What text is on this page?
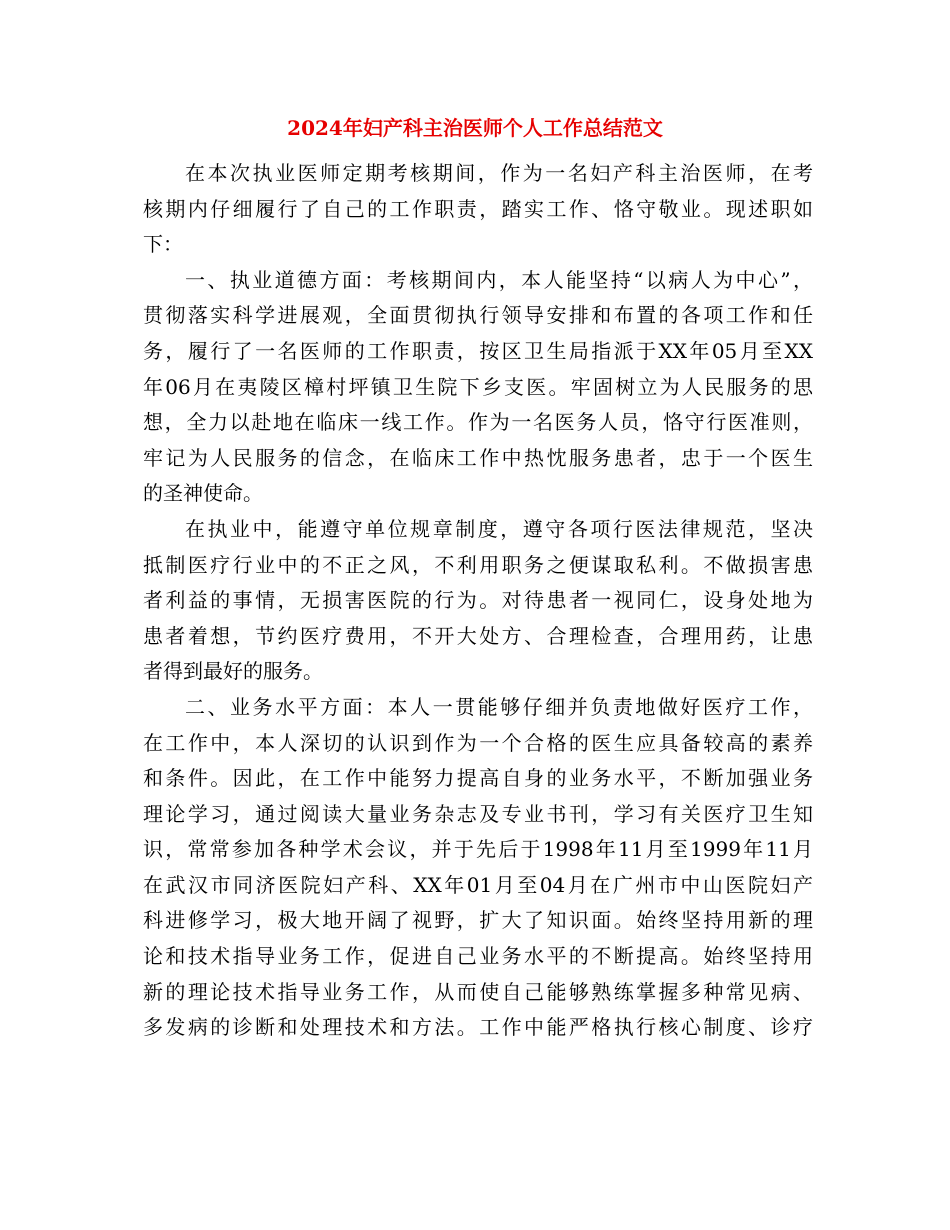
2024年妇产科主治医师个人工作总结范文
在本次执业医师定期考核期间，作为一名妇产科主治医师，在考
核期内仔细履行了自己的工作职责，踏实工作、恪守敬业。现述职如
下：
一、执业道德方面：考核期间内，本人能坚持“以病人为中心”，
贯彻落实科学进展观，全面贯彻执行领导安排和布置的各项工作和任
务，履行了一名医师的工作职责，按区卫生局指派于XX年05月至XX
年06月在夷陵区樟村坪镇卫生院下乡支医。牢固树立为人民服务的思
想，全力以赴地在临床一线工作。作为一名医务人员，恪守行医准则，
牢记为人民服务的信念，在临床工作中热忱服务患者，忠于一个医生
的圣神使命。
在执业中，能遵守单位规章制度，遵守各项行医法律规范，坚决
抵制医疗行业中的不正之风，不利用职务之便谋取私利。不做损害患
者利益的事情，无损害医院的行为。对待患者一视同仁，设身处地为
患者着想，节约医疗费用，不开大处方、合理检查，合理用药，让患
者得到最好的服务。
二、业务水平方面：本人一贯能够仔细并负责地做好医疗工作，
在工作中，本人深切的认识到作为一个合格的医生应具备较高的素养
和条件。因此，在工作中能努力提高自身的业务水平，不断加强业务
理论学习，通过阅读大量业务杂志及专业书刊，学习有关医疗卫生知
识，常常参加各种学术会议，并于先后于1998年11月至1999年11月
在武汉市同济医院妇产科、XX年01月至04月在广州市中山医院妇产
科进修学习，极大地开阔了视野，扩大了知识面。始终坚持用新的理
论和技术指导业务工作，促进自己业务水平的不断提高。始终坚持用
新的理论技术指导业务工作，从而使自己能够熟练掌握多种常见病、
多发病的诊断和处理技术和方法。工作中能严格执行核心制度、诊疗
